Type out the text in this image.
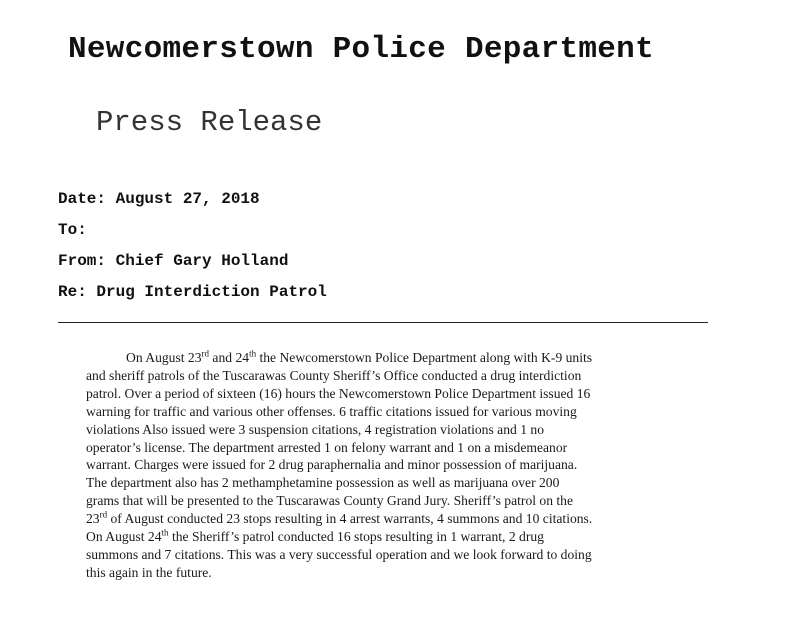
Newcomerstown Police Department
Press Release
Date: August 27, 2018
To:
From: Chief Gary Holland
Re: Drug Interdiction Patrol
On August 23rd and 24th the Newcomerstown Police Department along with K-9 units
and sheriff patrols of the Tuscarawas County Sheriff’s Office conducted a drug interdiction
patrol. Over a period of sixteen (16) hours the Newcomerstown Police Department issued 16
warning for traffic and various other offenses. 6 traffic citations issued for various moving
violations Also issued were 3 suspension citations, 4 registration violations and 1 no
operator’s license. The department arrested 1 on felony warrant and 1 on a misdemeanor
warrant. Charges were issued for 2 drug paraphernalia and minor possession of marijuana.
The department also has 2 methamphetamine possession as well as marijuana over 200
grams that will be presented to the Tuscarawas County Grand Jury. Sheriff’s patrol on the
23rd of August conducted 23 stops resulting in 4 arrest warrants, 4 summons and 10 citations.
On August 24th the Sheriff’s patrol conducted 16 stops resulting in 1 warrant, 2 drug
summons and 7 citations. This was a very successful operation and we look forward to doing
this again in the future.
